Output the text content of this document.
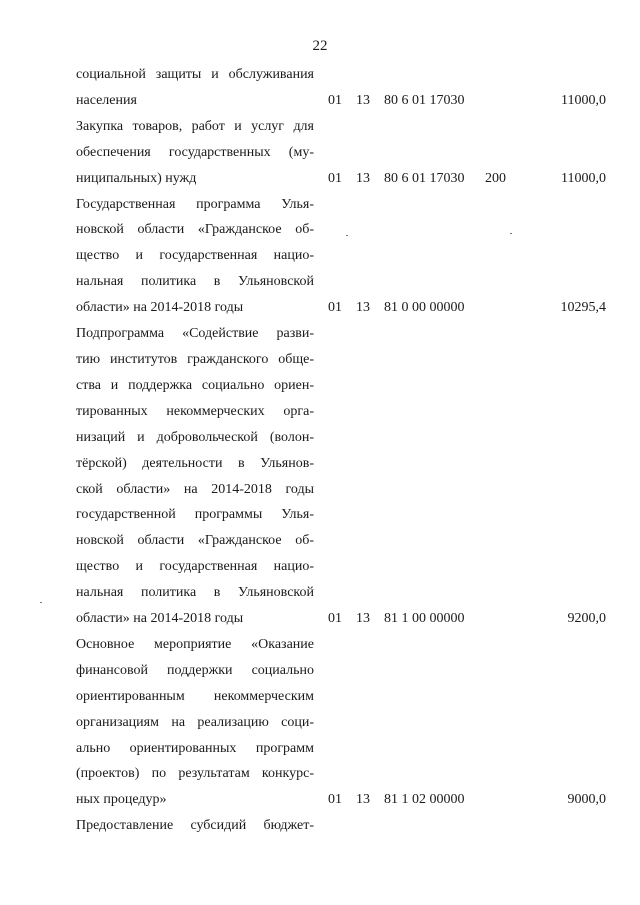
22
социальной защиты и обслуживания
населения	01 13 80 6 01 17030	11000,0
Закупка товаров, работ и услуг для
обеспечения государственных (му-
ниципальных) нужд	01 13 80 6 01 17030 200	11000,0
Государственная программа Улья-
новской области «Гражданское об-
щество и государственная нацио-
нальная политика в Ульяновской
области» на 2014-2018 годы	01 13 81 0 00 00000	10295,4
Подпрограмма «Содействие разви-
тию институтов гражданского обще-
ства и поддержка социально ориен-
тированных некоммерческих орга-
низаций и добровольческой (волон-
тёрской) деятельности в Ульянов-
ской области» на 2014-2018 годы
государственной программы Улья-
новской области «Гражданское об-
щество и государственная нацио-
нальная политика в Ульяновской
области» на 2014-2018 годы	01 13 81 1 00 00000	9200,0
Основное мероприятие «Оказание
финансовой поддержки социально
ориентированным некоммерческим
организациям на реализацию соци-
ально ориентированных программ
(проектов) по результатам конкурс-
ных процедур»	01 13 81 1 02 00000	9000,0
Предоставление субсидий бюджет-
